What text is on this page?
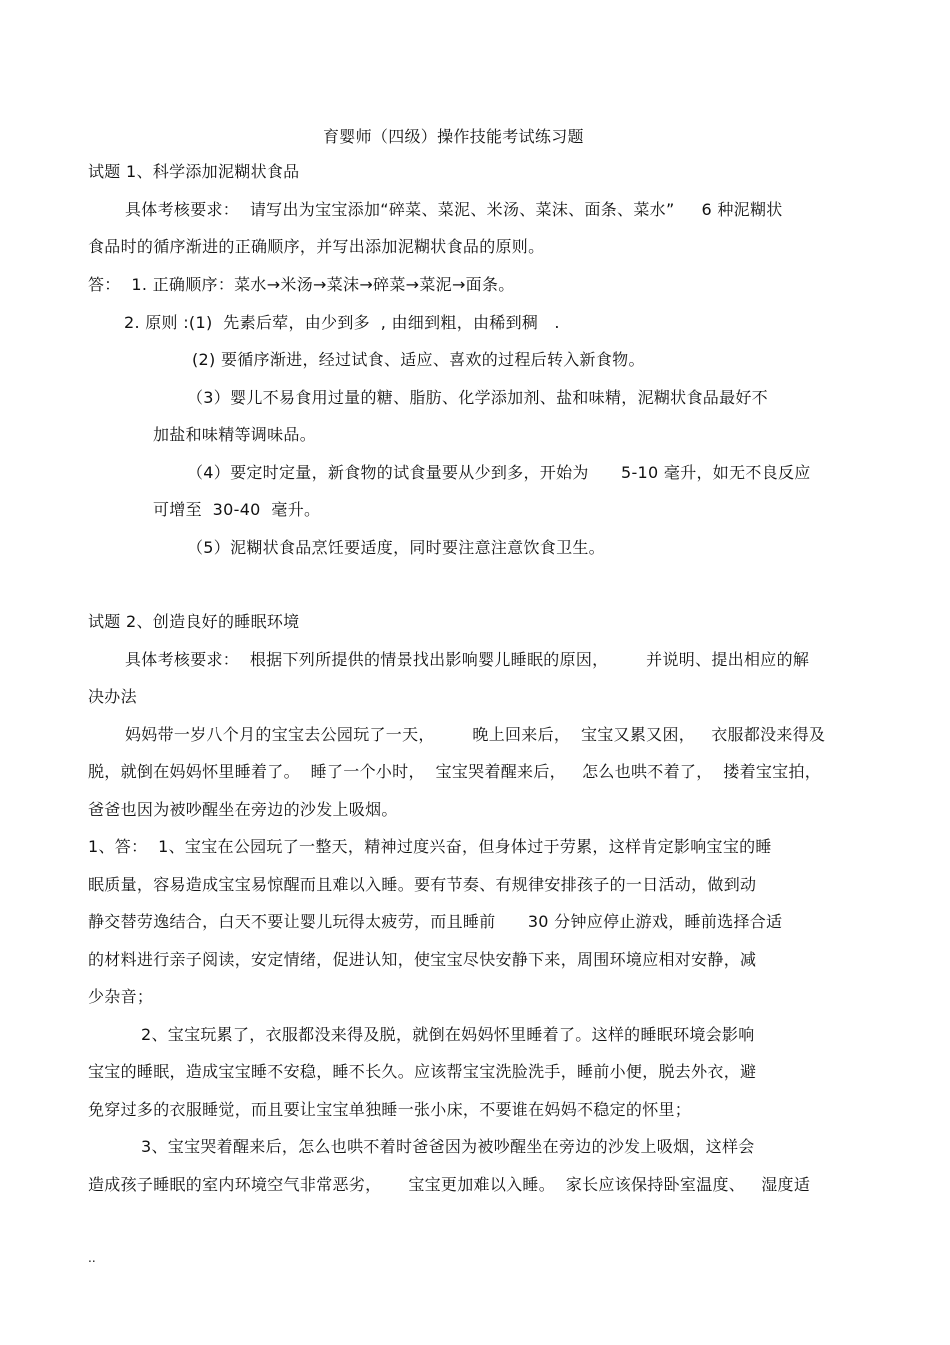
育婴师（四级）操作技能考试练习题
试题 1、科学添加泥糊状食品
具体考核要求：  请写出为宝宝添加“碎菜、菜泥、米汤、菜沫、面条、菜水”     6 种泥糊状
食品时的循序渐进的正确顺序，并写出添加泥糊状食品的原则。
答：  1. 正确顺序：菜水→米汤→菜沫→碎菜→菜泥→面条。
2. 原则 :(1)  先素后荤，由少到多  , 由细到粗，由稀到稠   .
(2) 要循序渐进，经过试食、适应、喜欢的过程后转入新食物。
（3）婴儿不易食用过量的糖、脂肪、化学添加剂、盐和味精，泥糊状食品最好不
加盐和味精等调味品。
（4）要定时定量，新食物的试食量要从少到多，开始为      5-10 毫升，如无不良反应
可增至  30-40  毫升。
（5）泥糊状食品烹饪要适度，同时要注意注意饮食卫生。
试题 2、创造良好的睡眠环境
具体考核要求：  根据下列所提供的情景找出影响婴儿睡眠的原因，       并说明、提出相应的解
决办法
妈妈带一岁八个月的宝宝去公园玩了一天，       晚上回来后，  宝宝又累又困，   衣服都没来得及
脱，就倒在妈妈怀里睡着了。  睡了一个小时，  宝宝哭着醒来后，   怎么也哄不着了，  搂着宝宝拍，
爸爸也因为被吵醒坐在旁边的沙发上吸烟。
1、答：  1、宝宝在公园玩了一整天，精神过度兴奋，但身体过于劳累，这样肯定影响宝宝的睡
眠质量，容易造成宝宝易惊醒而且难以入睡。要有节奏、有规律安排孩子的一日活动，做到动
静交替劳逸结合，白天不要让婴儿玩得太疲劳，而且睡前      30 分钟应停止游戏，睡前选择合适
的材料进行亲子阅读，安定情绪，促进认知，使宝宝尽快安静下来，周围环境应相对安静，减
少杂音；
2、宝宝玩累了，衣服都没来得及脱，就倒在妈妈怀里睡着了。这样的睡眠环境会影响
宝宝的睡眠，造成宝宝睡不安稳，睡不长久。应该帮宝宝洗脸洗手，睡前小便，脱去外衣，避
免穿过多的衣服睡觉，而且要让宝宝单独睡一张小床，不要谁在妈妈不稳定的怀里；
3、宝宝哭着醒来后，怎么也哄不着时爸爸因为被吵醒坐在旁边的沙发上吸烟，这样会
造成孩子睡眠的室内环境空气非常恶劣，     宝宝更加难以入睡。  家长应该保持卧室温度、   湿度适
..
